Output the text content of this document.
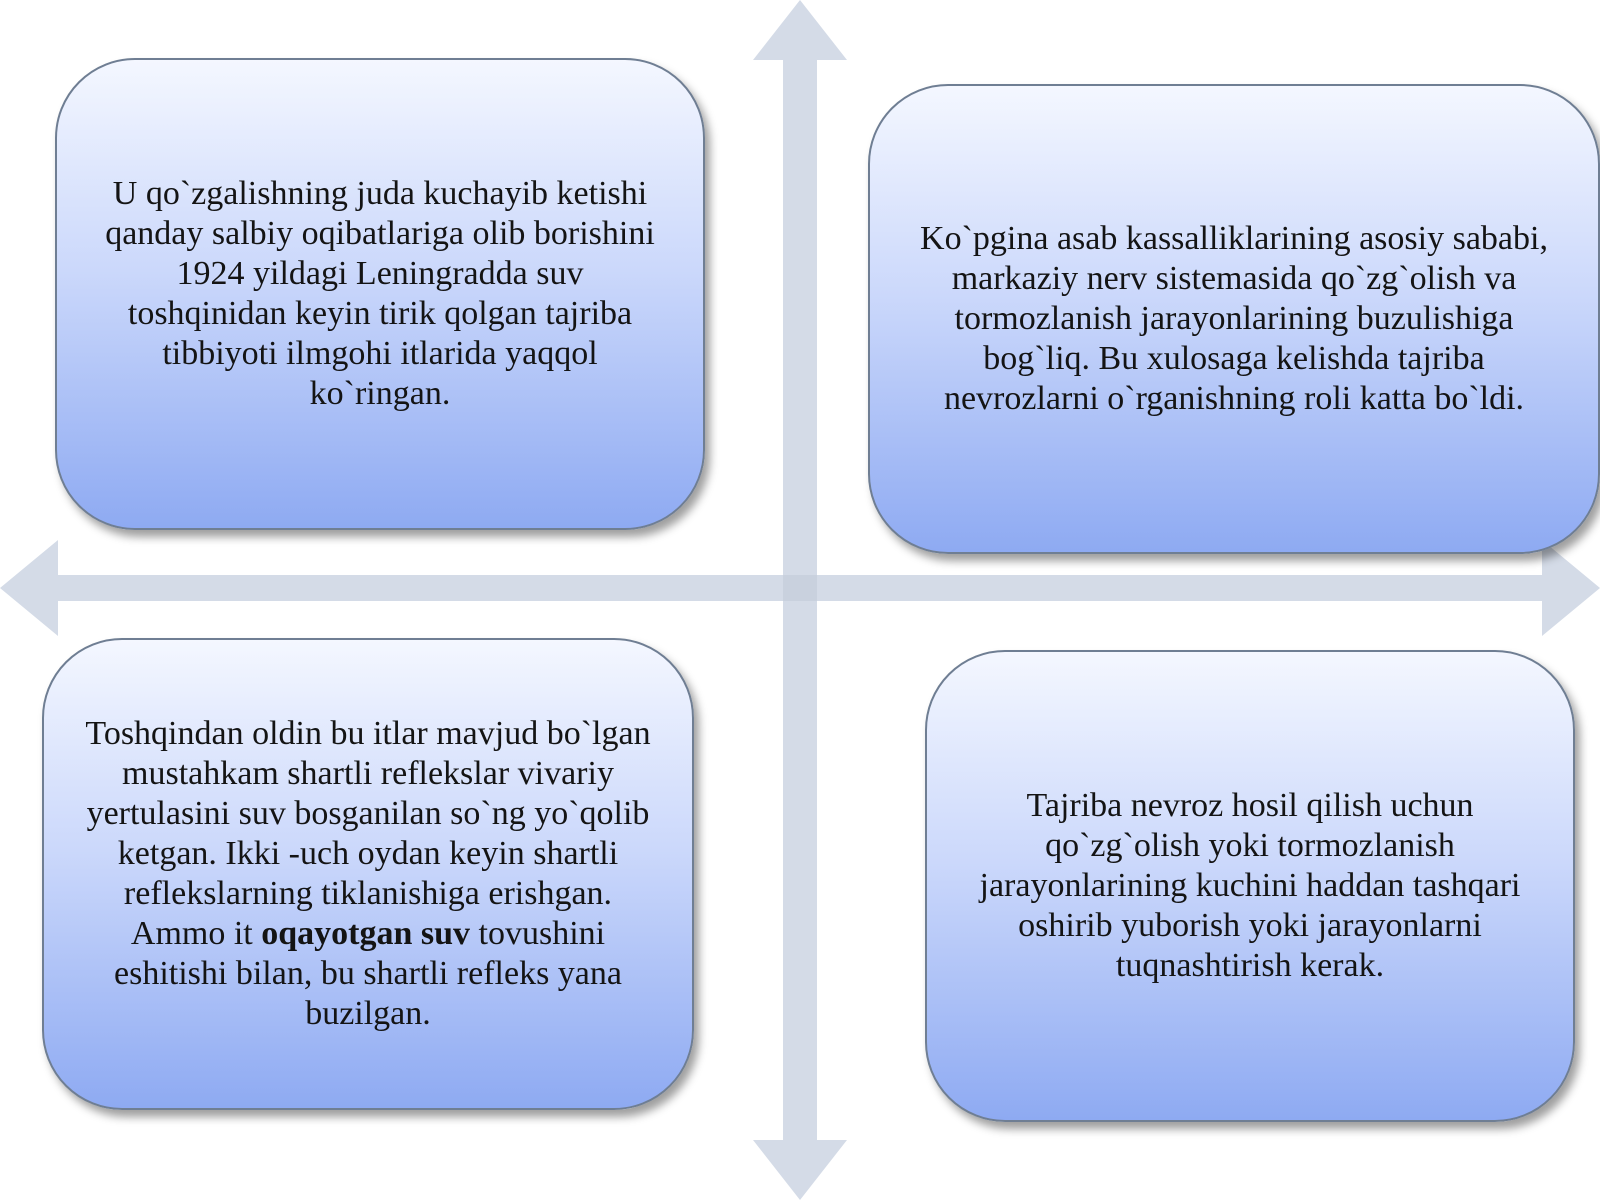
U qo`zgalishning juda kuchayib ketishi qanday salbiy oqibatlariga olib borishini 1924 yildagi Leningradda suv toshqinidan keyin tirik qolgan tajriba tibbiyoti ilmgohi itlarida yaqqol ko`ringan.

Ko`pgina asab kassalliklarining asosiy sababi, markaziy nerv sistemasida qo`zg`olish va tormozlanish jarayonlarining buzulishiga bog`liq. Bu xulosaga kelishda tajriba nevrozlarni o`rganishning roli katta bo`ldi.

Toshqindan oldin bu itlar mavjud bo`lgan mustahkam shartli reflekslar vivariy yertulasini suv bosganilan so`ng yo`qolib ketgan. Ikki -uch oydan keyin shartli reflekslarning tiklanishiga erishgan. Ammo it oqayotgan suv tovushini eshitishi bilan, bu shartli refleks yana buzilgan.

Tajriba nevroz hosil qilish uchun qo`zg`olish yoki tormozlanish jarayonlarining kuchini haddan tashqari oshirib yuborish yoki jarayonlarni tuqnashtirish kerak.
